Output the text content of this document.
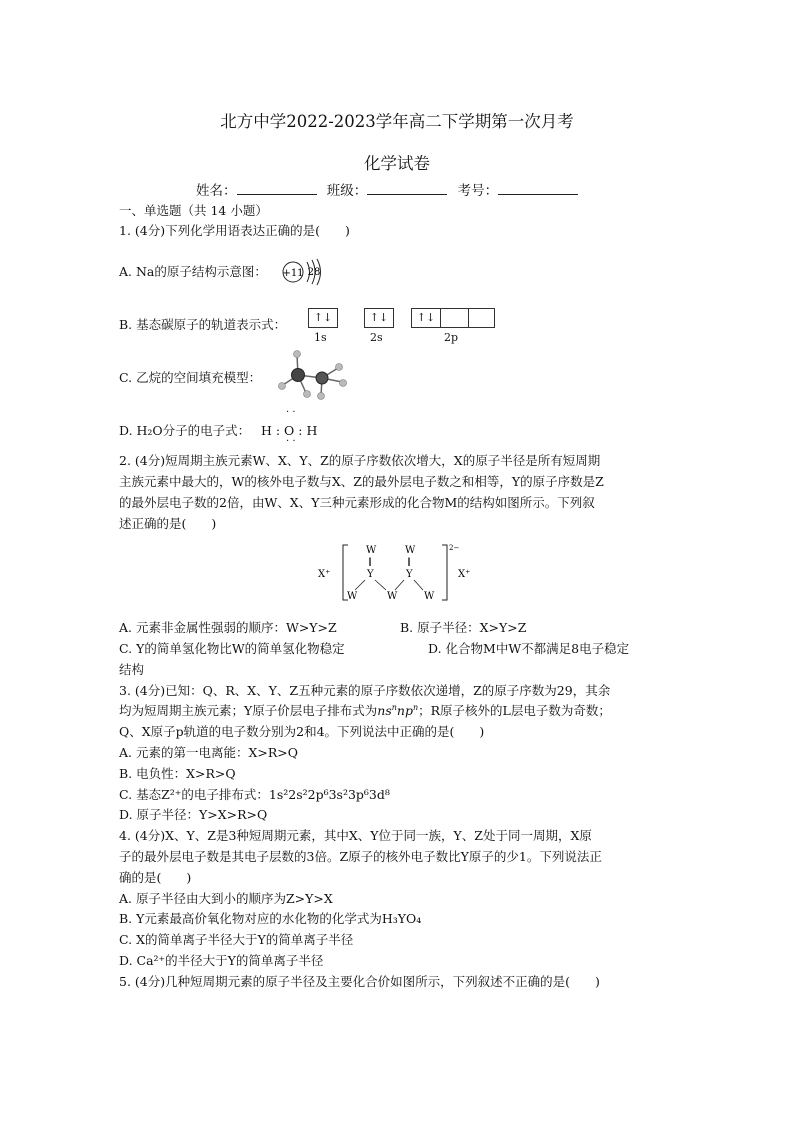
北方中学2022-2023学年高二下学期第一次月考
化学试卷
姓名：	班级：	考号：
一、单选题（共 14 小题）
1. (4分)下列化学用语表达正确的是(　　)
A. Na的原子结构示意图： +11 28
B. 基态碳原子的轨道表示式：	↑↓	↑↓	↑↓
1s	2s	2p
C. 乙烷的空间填充模型：
D. H₂O分子的电子式： H : O : H
· ·
· ·
2. (4分)短周期主族元素W、X、Y、Z的原子序数依次增大，X的原子半径是所有短周期
主族元素中最大的，W的核外电子数与X、Z的最外层电子数之和相等，Y的原子序数是Z
的最外层电子数的2倍，由W、X、Y三种元素形成的化合物M的结构如图所示。下列叙
述正确的是(　　)
X⁺
2−
X⁺
W
‖
Y
W
‖
Y
W	W	W
A. 元素非金属性强弱的顺序：W>Y>Z	B. 原子半径：X>Y>Z
C. Y的简单氢化物比W的简单氢化物稳定	D. 化合物M中W不都满足8电子稳定
结构
3. (4分)已知：Q、R、X、Y、Z五种元素的原子序数依次递增，Z的原子序数为29，其余
均为短周期主族元素；Y原子价层电子排布式为$ns^nnp^n$；R原子核外的L层电子数为奇数；
Q、X原子p轨道的电子数分别为2和4。下列说法中正确的是(　　)
A. 元素的第一电离能：X>R>Q
B. 电负性：X>R>Q
C. 基态Z²⁺的电子排布式：1s²2s²2p⁶3s²3p⁶3d⁸
D. 原子半径：Y>X>R>Q
4. (4分)X、Y、Z是3种短周期元素，其中X、Y位于同一族，Y、Z处于同一周期，X原
子的最外层电子数是其电子层数的3倍。Z原子的核外电子数比Y原子的少1。下列说法正
确的是(　　)
A. 原子半径由大到小的顺序为Z>Y>X
B. Y元素最高价氧化物对应的水化物的化学式为H₃YO₄
C. X的简单离子半径大于Y的简单离子半径
D. Ca²⁺的半径大于Y的简单离子半径
5. (4分)几种短周期元素的原子半径及主要化合价如图所示，下列叙述不正确的是(　　)
